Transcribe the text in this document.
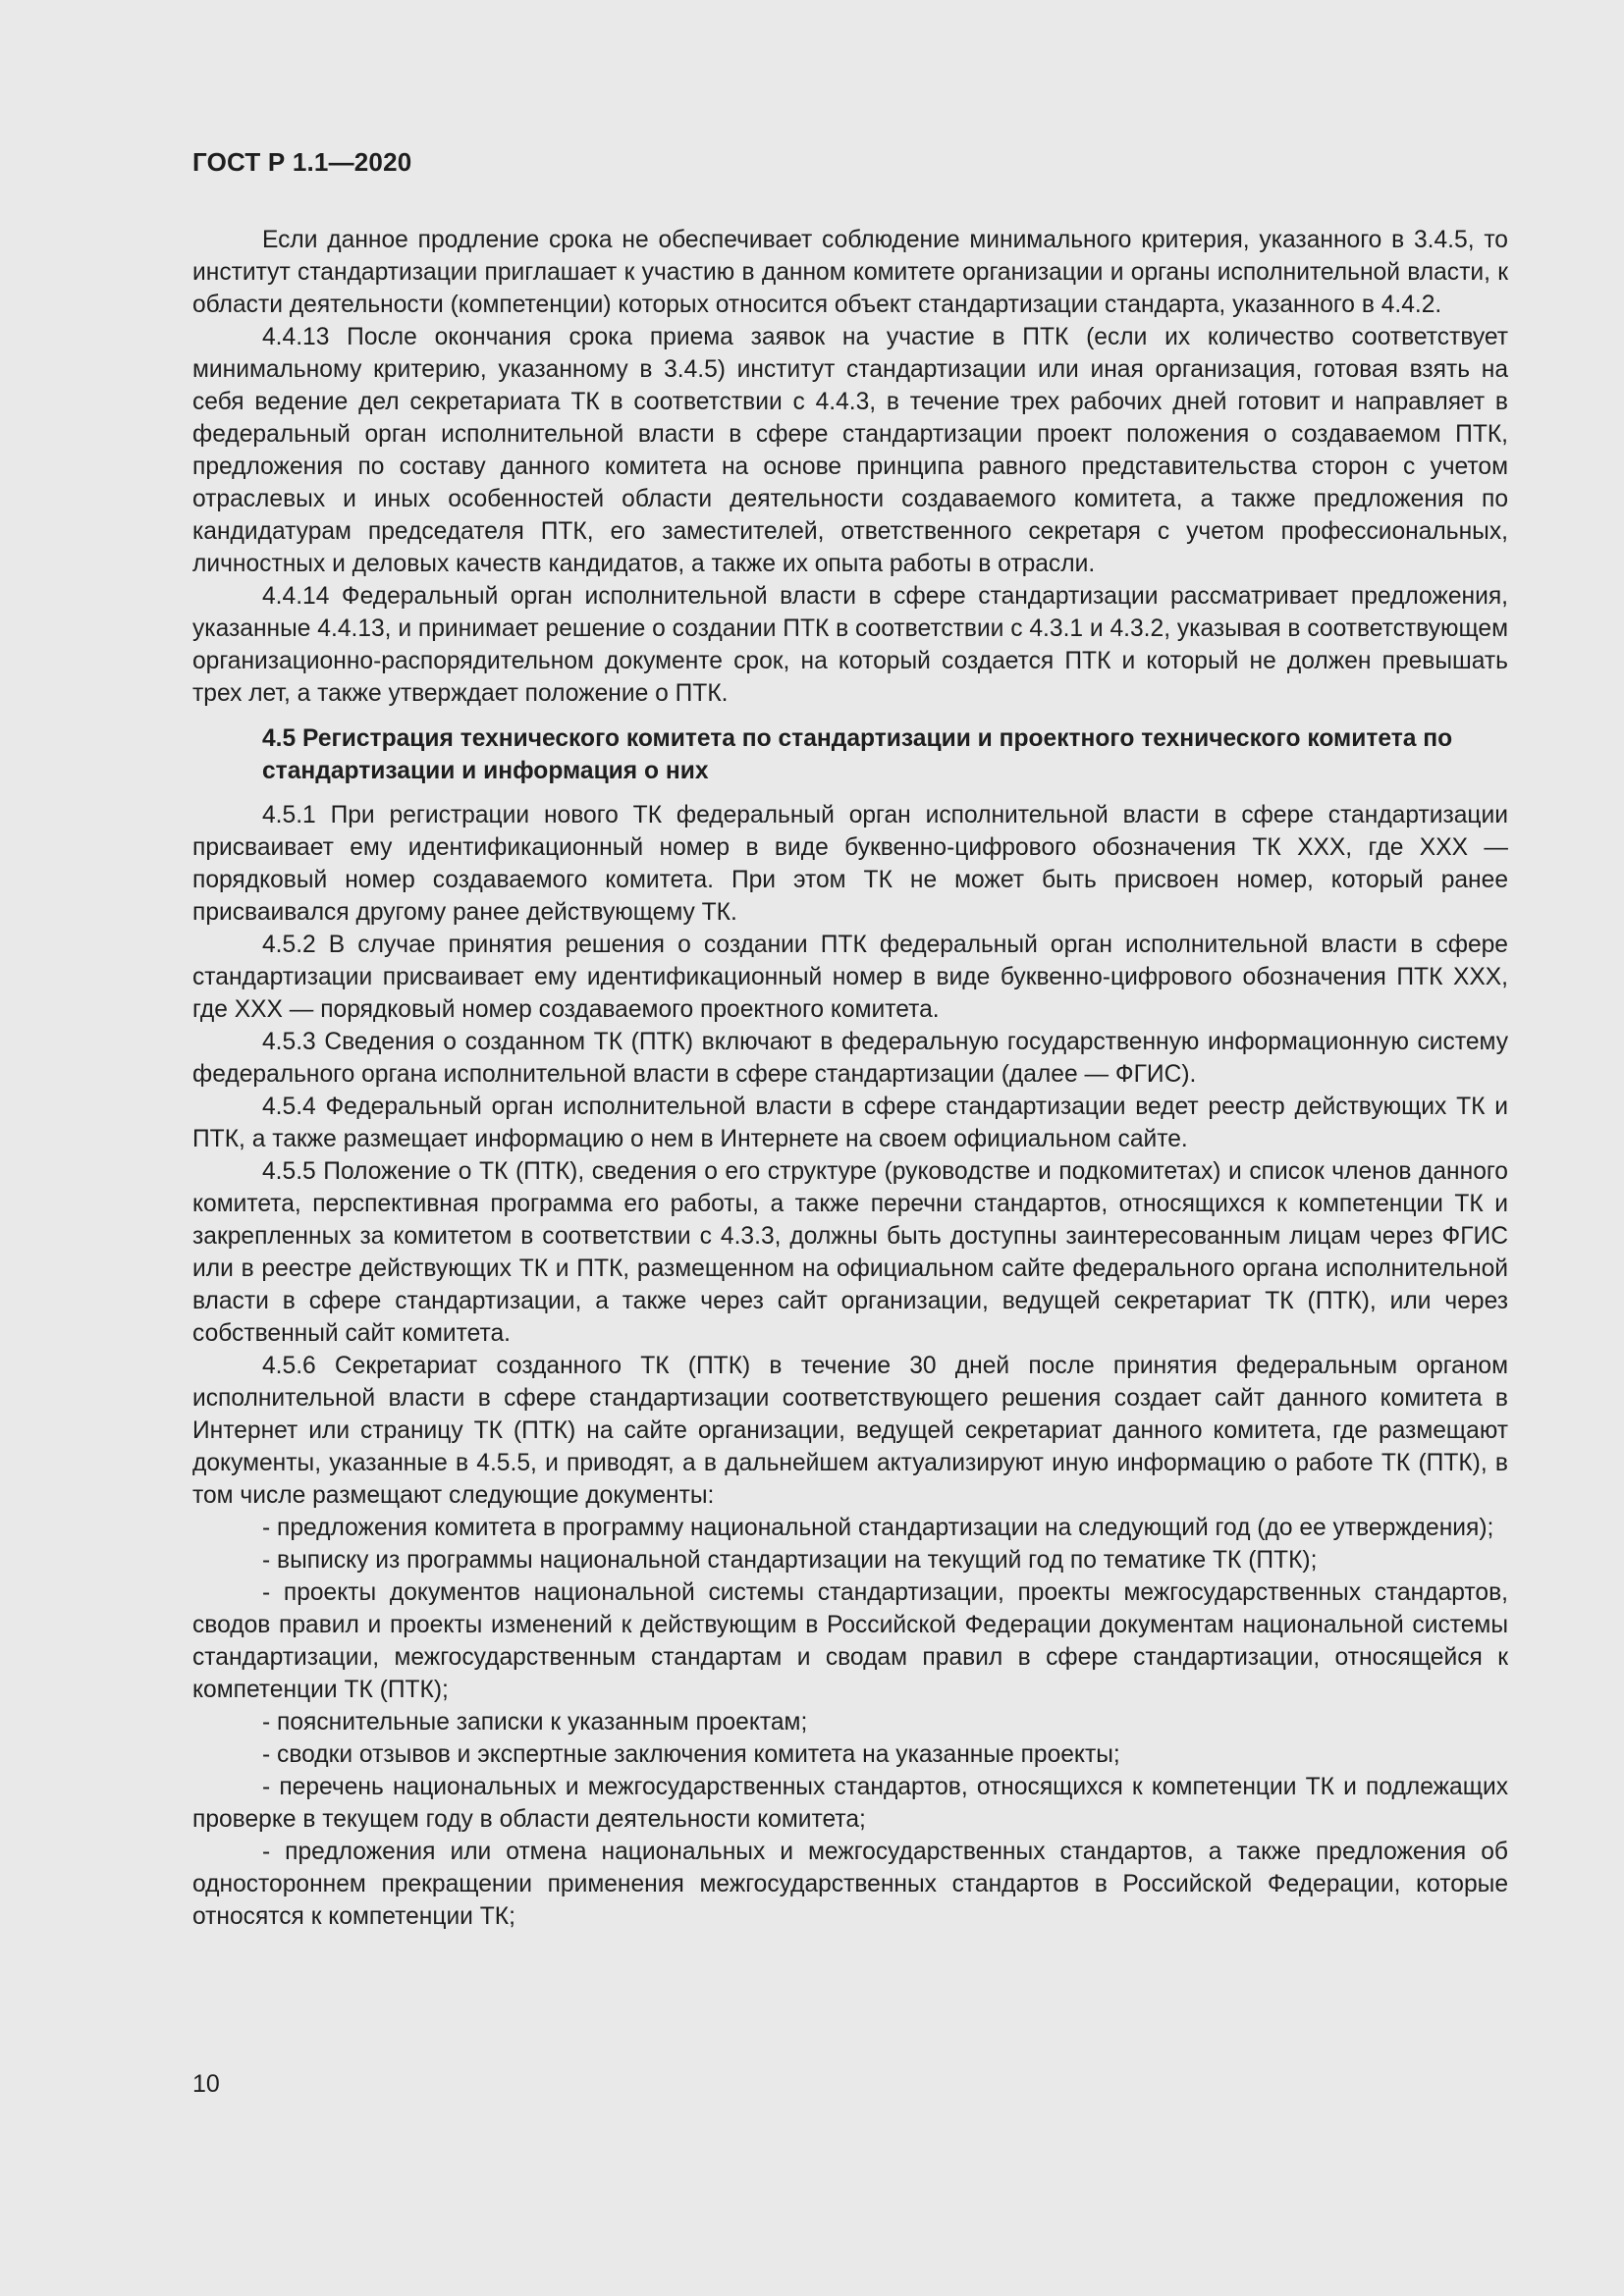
ГОСТ Р 1.1—2020

Если данное продление срока не обеспечивает соблюдение минимального критерия, указанного в 3.4.5, то институт стандартизации приглашает к участию в данном комитете организации и органы исполнительной власти, к области деятельности (компетенции) которых относится объект стандартизации стандарта, указанного в 4.4.2.

4.4.13 После окончания срока приема заявок на участие в ПТК (если их количество соответствует минимальному критерию, указанному в 3.4.5) институт стандартизации или иная организация, готовая взять на себя ведение дел секретариата ТК в соответствии с 4.4.3, в течение трех рабочих дней готовит и направляет в федеральный орган исполнительной власти в сфере стандартизации проект положения о создаваемом ПТК, предложения по составу данного комитета на основе принципа равного представительства сторон с учетом отраслевых и иных особенностей области деятельности создаваемого комитета, а также предложения по кандидатурам председателя ПТК, его заместителей, ответственного секретаря с учетом профессиональных, личностных и деловых качеств кандидатов, а также их опыта работы в отрасли.

4.4.14 Федеральный орган исполнительной власти в сфере стандартизации рассматривает предложения, указанные 4.4.13, и принимает решение о создании ПТК в соответствии с 4.3.1 и 4.3.2, указывая в соответствующем организационно-распорядительном документе срок, на который создается ПТК и который не должен превышать трех лет, а также утверждает положение о ПТК.

4.5 Регистрация технического комитета по стандартизации и проектного технического комитета по стандартизации и информация о них

4.5.1 При регистрации нового ТК федеральный орган исполнительной власти в сфере стандартизации присваивает ему идентификационный номер в виде буквенно-цифрового обозначения ТК XXX, где XXX — порядковый номер создаваемого комитета. При этом ТК не может быть присвоен номер, который ранее присваивался другому ранее действующему ТК.

4.5.2 В случае принятия решения о создании ПТК федеральный орган исполнительной власти в сфере стандартизации присваивает ему идентификационный номер в виде буквенно-цифрового обозначения ПТК XXX, где XXX — порядковый номер создаваемого проектного комитета.

4.5.3 Сведения о созданном ТК (ПТК) включают в федеральную государственную информационную систему федерального органа исполнительной власти в сфере стандартизации (далее — ФГИС).

4.5.4 Федеральный орган исполнительной власти в сфере стандартизации ведет реестр действующих ТК и ПТК, а также размещает информацию о нем в Интернете на своем официальном сайте.

4.5.5 Положение о ТК (ПТК), сведения о его структуре (руководстве и подкомитетах) и список членов данного комитета, перспективная программа его работы, а также перечни стандартов, относящихся к компетенции ТК и закрепленных за комитетом в соответствии с 4.3.3, должны быть доступны заинтересованным лицам через ФГИС или в реестре действующих ТК и ПТК, размещенном на официальном сайте федерального органа исполнительной власти в сфере стандартизации, а также через сайт организации, ведущей секретариат ТК (ПТК), или через собственный сайт комитета.

4.5.6 Секретариат созданного ТК (ПТК) в течение 30 дней после принятия федеральным органом исполнительной власти в сфере стандартизации соответствующего решения создает сайт данного комитета в Интернет или страницу ТК (ПТК) на сайте организации, ведущей секретариат данного комитета, где размещают документы, указанные в 4.5.5, и приводят, а в дальнейшем актуализируют иную информацию о работе ТК (ПТК), в том числе размещают следующие документы:

- предложения комитета в программу национальной стандартизации на следующий год (до ее утверждения);

- выписку из программы национальной стандартизации на текущий год по тематике ТК (ПТК);

- проекты документов национальной системы стандартизации, проекты межгосударственных стандартов, сводов правил и проекты изменений к действующим в Российской Федерации документам национальной системы стандартизации, межгосударственным стандартам и сводам правил в сфере стандартизации, относящейся к компетенции ТК (ПТК);

- пояснительные записки к указанным проектам;

- сводки отзывов и экспертные заключения комитета на указанные проекты;

- перечень национальных и межгосударственных стандартов, относящихся к компетенции ТК и подлежащих проверке в текущем году в области деятельности комитета;

- предложения или отмена национальных и межгосударственных стандартов, а также предложения об одностороннем прекращении применения межгосударственных стандартов в Российской Федерации, которые относятся к компетенции ТК;

10
